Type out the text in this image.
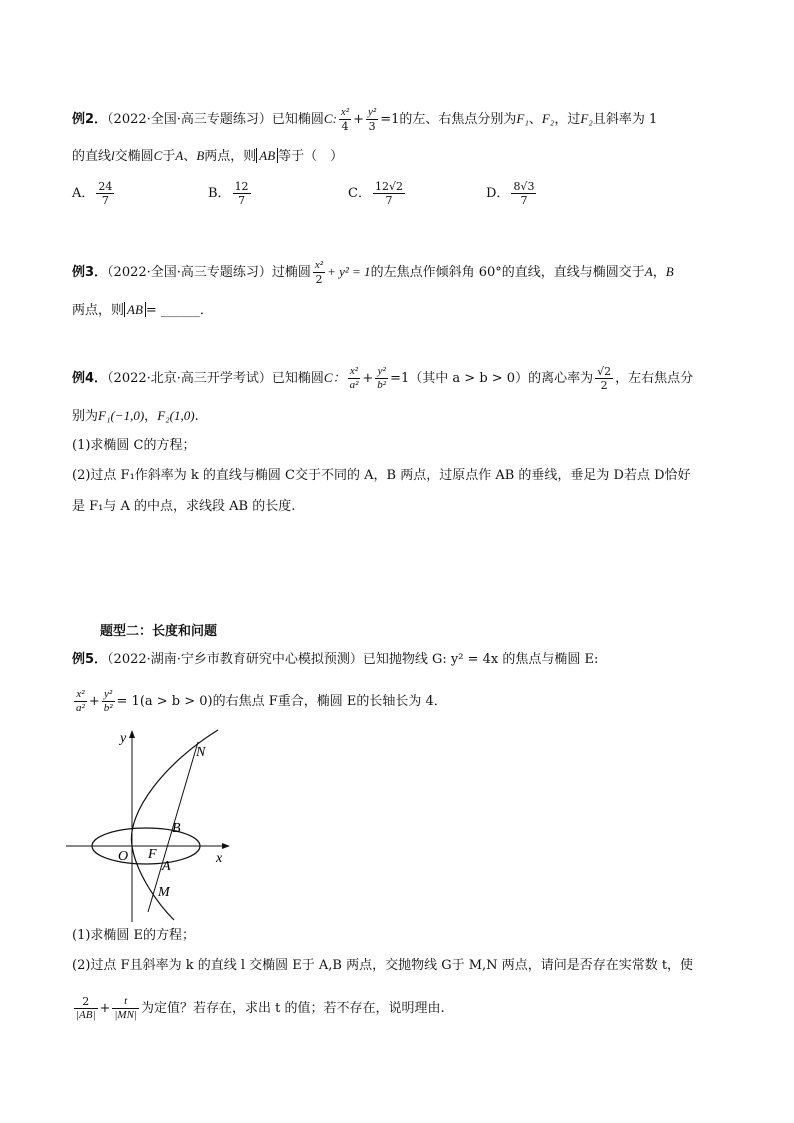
例2．（2022·全国·高三专题练习）已知椭圆C: $\frac{\text{x²}}{4} + \frac{\text{y²}}{3} =1$的左、右焦点分别为F₁、F₂，过F₂且斜率为 1
的直线l交椭圆C于A、B两点，则 AB 等于（　）
A． $\frac{24}{7}$	B． $\frac{12}{7}$	C． $\frac{12√2}{7}$	D． $\frac{8√3}{7}$
例3．（2022·全国·高三专题练习）过椭圆 $\frac{\text{x²}}{2} + y^2 = 1$的左焦点作倾斜角 60°的直线，直线与椭圆交于A，B
两点，则 AB = ______．
例4．（2022·北京·高三开学考试）已知椭圆C： $\frac{\text{x²}}{\text{a²}} + \frac{\text{y²}}{\text{b²}} =1$（其中 a > b > 0）的离心率为 $\frac{√2}{2}$ ，左右焦点分
别为F₁(−1,0)，F₂(1,0).
(1)求椭圆 C的方程；
(2)过点 F₁作斜率为 k 的直线与椭圆 C交于不同的 A，B 两点，过原点作 AB 的垂线，垂足为 D若点 D恰好
是 F₁与 A 的中点，求线段 AB 的长度.
题型二：长度和问题
例5．（2022·湖南·宁乡市教育研究中心模拟预测）已知抛物线 G: y² = 4x 的焦点与椭圆 E:
$\frac{\text{x²}}{\text{a²}} + \frac{\text{y²}}{\text{b²}} = 1(a > b > 0)$的右焦点 F重合，椭圆 E的长轴长为 4．
y
x
O F
A
B
M
N
(1)求椭圆 E的方程；
(2)过点 F且斜率为 k 的直线 l 交椭圆 E于 A,B 两点，交抛物线 G于 M,N 两点，请问是否存在实常数 t，使
$\frac{2}{|AB|} + \frac{t}{|MN|}$ 为定值？若存在，求出 t 的值；若不存在，说明理由.
